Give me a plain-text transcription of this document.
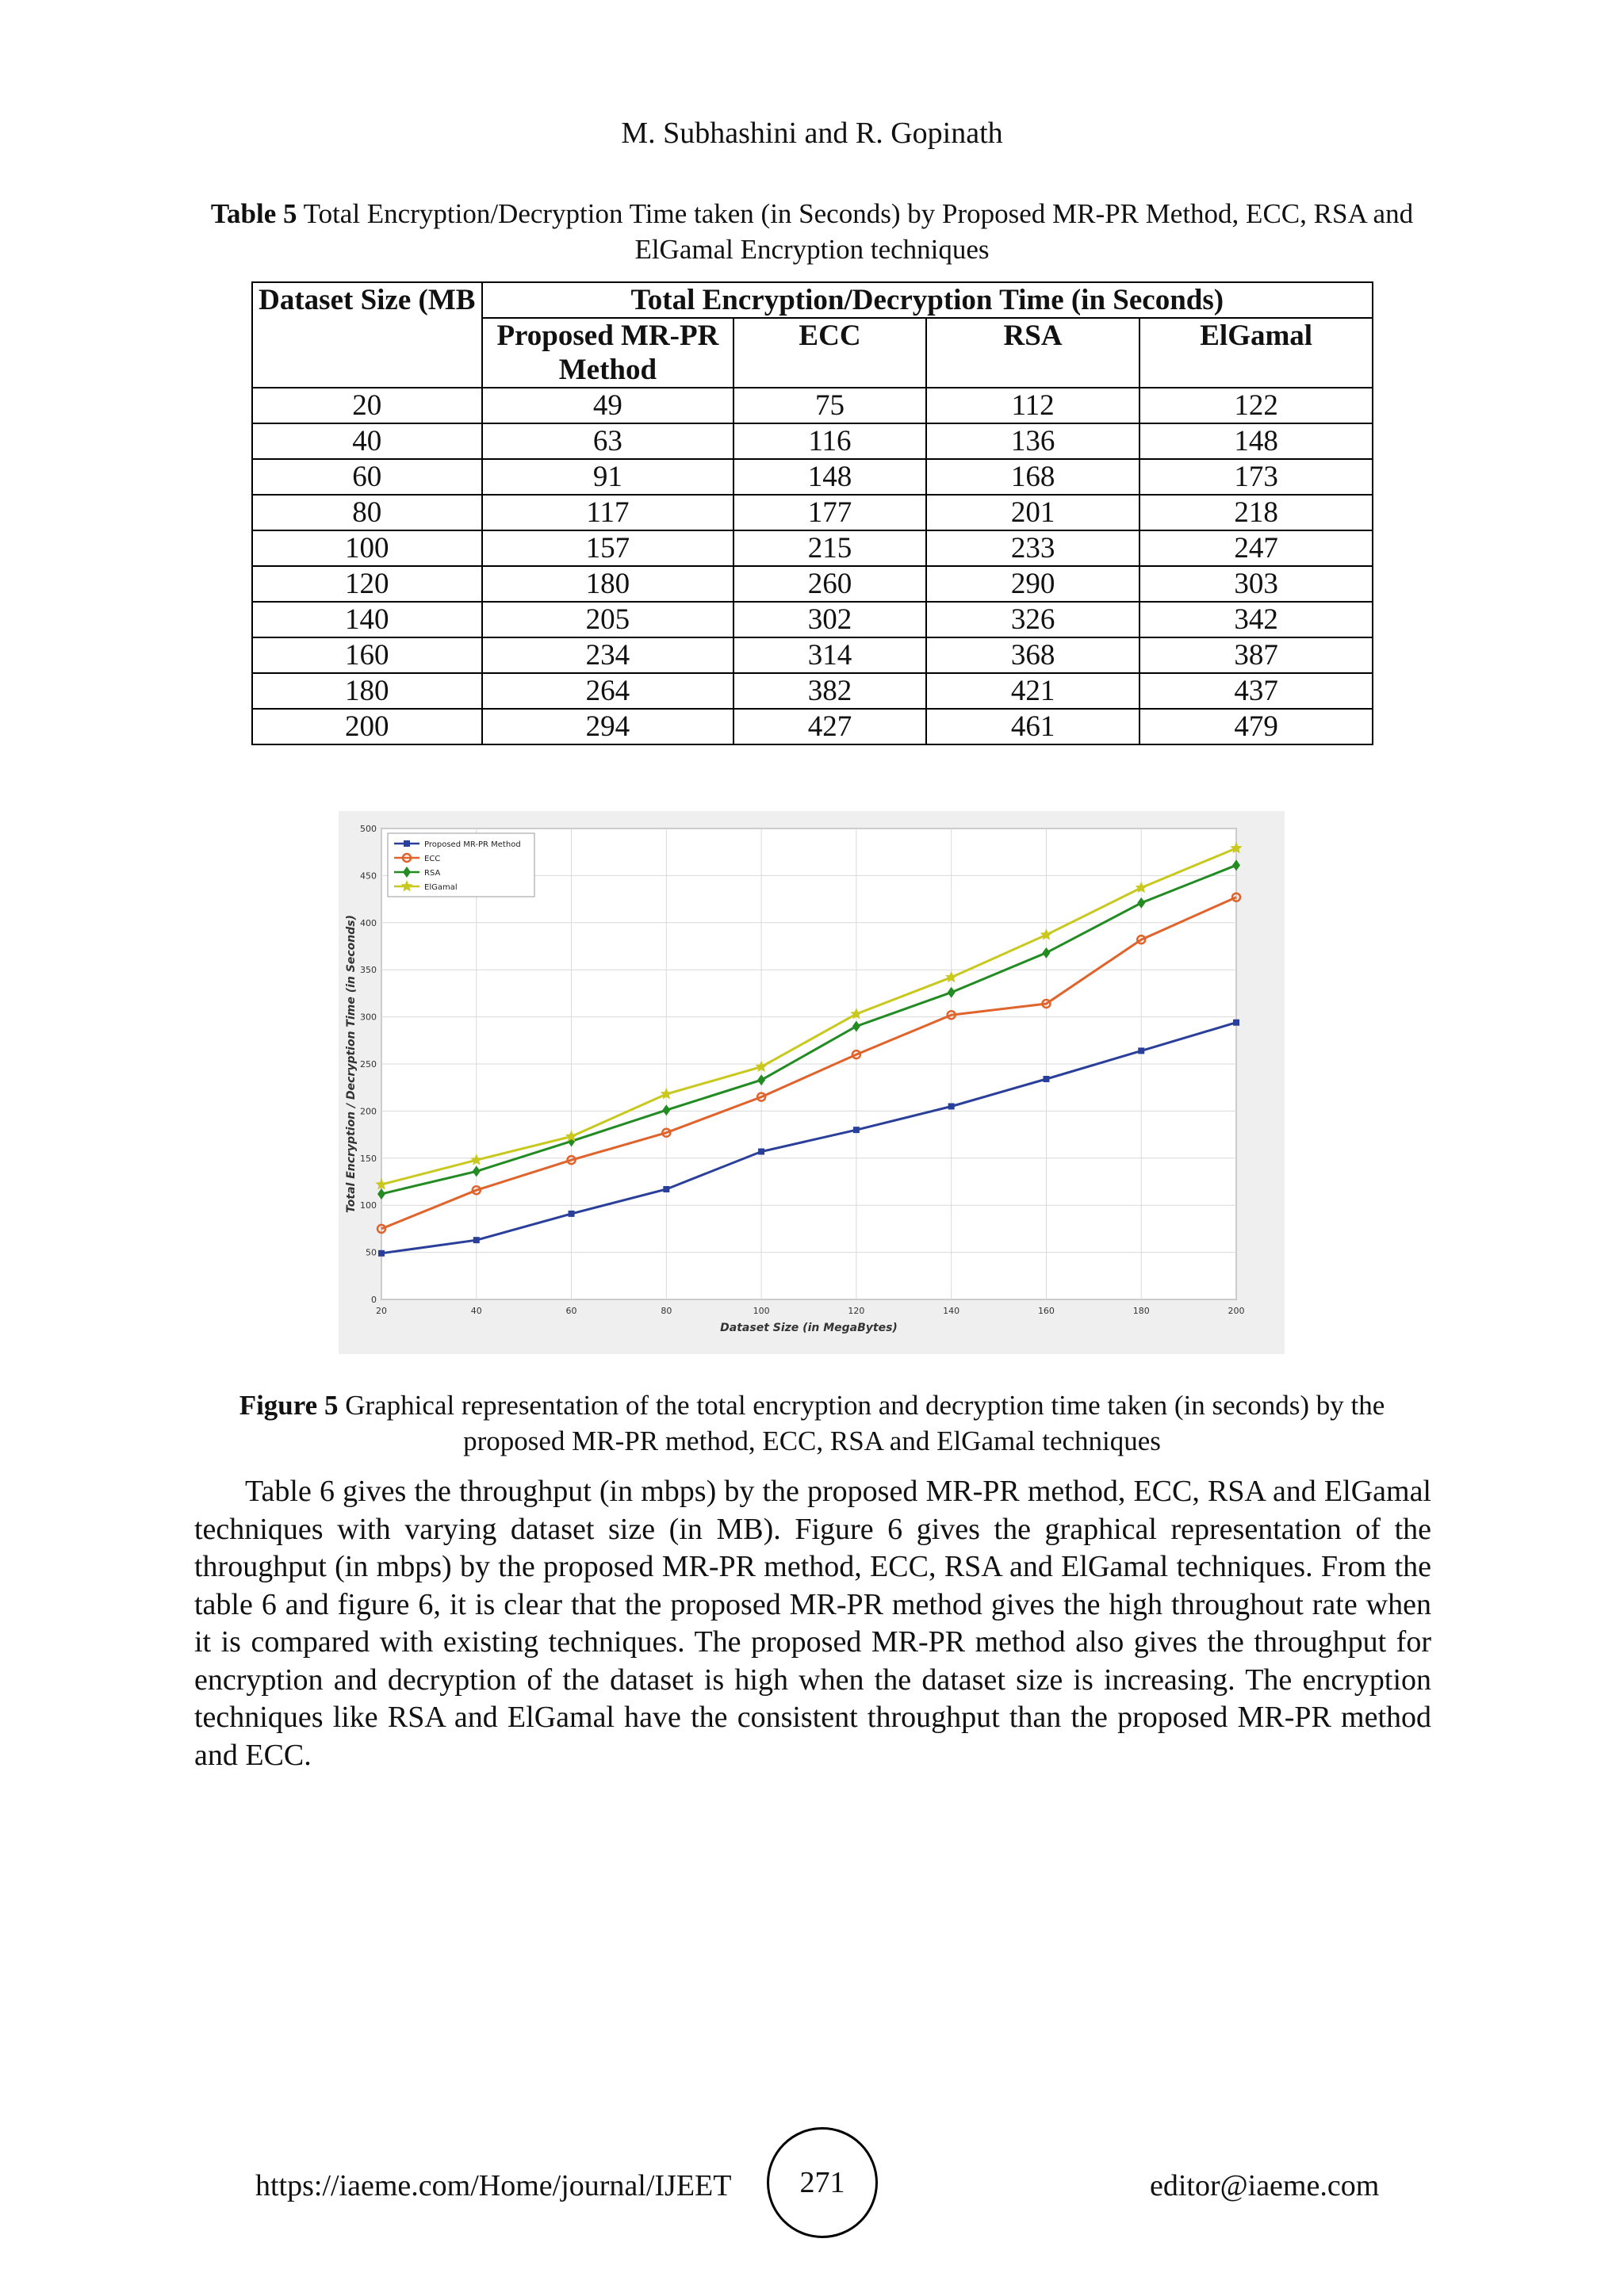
M. Subhashini and R. Gopinath
Table 5 Total Encryption/Decryption Time taken (in Seconds) by Proposed MR-PR Method, ECC, RSA and ElGamal Encryption techniques
Dataset Size (MB	Total Encryption/Decryption Time (in Seconds)			
	Proposed MR-PR Method	ECC	RSA	ElGamal
20	49	75	112	122
40	63	116	136	148
60	91	148	168	173
80	117	177	201	218
100	157	215	233	247
120	180	260	290	303
140	205	302	326	342
160	234	314	368	387
180	264	382	421	437
200	294	427	461	479
20	40	60	80	100	120	140	160	180	200
0
50
100
150
200
250
300
350
400
450
500
Dataset Size (in MegaBytes)
Total Encryption / Decryption Time (in Seconds)
Proposed MR-PR Method
ECC
RSA
ElGamal
Figure 5 Graphical representation of the total encryption and decryption time taken (in seconds) by the proposed MR-PR method, ECC, RSA and ElGamal techniques
Table 6 gives the throughput (in mbps) by the proposed MR-PR method, ECC, RSA and ElGamal techniques with varying dataset size (in MB). Figure 6 gives the graphical representation of the throughput (in mbps) by the proposed MR-PR method, ECC, RSA and ElGamal techniques. From the table 6 and figure 6, it is clear that the proposed MR-PR method gives the high throughout rate when it is compared with existing techniques. The proposed MR-PR method also gives the throughput for encryption and decryption of the dataset is high when the dataset size is increasing. The encryption techniques like RSA and ElGamal have the consistent throughput than the proposed MR-PR method and ECC.
https://iaeme.com/Home/journal/IJEET	271	editor@iaeme.com
